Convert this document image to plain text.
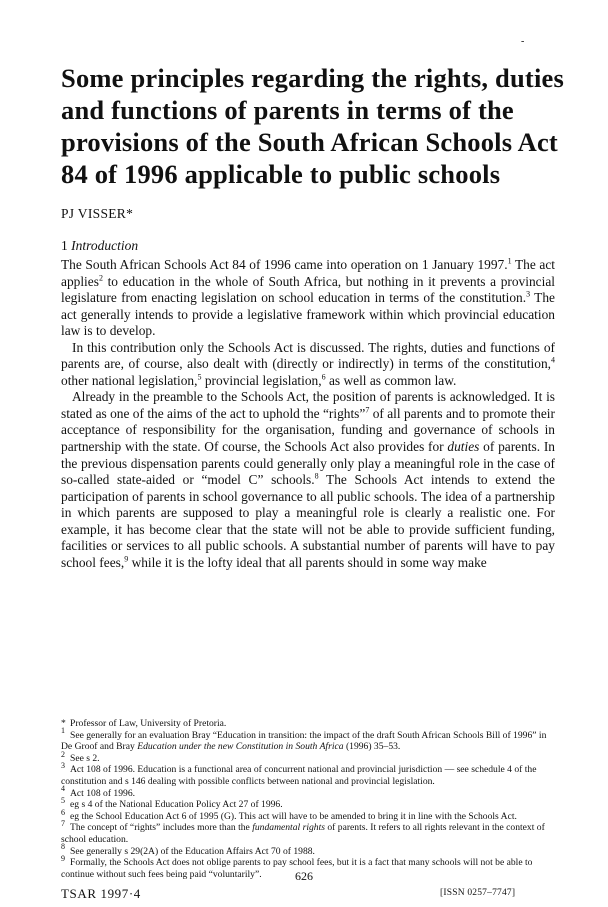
-
Some principles regarding the rights, duties and functions of parents in terms of the provisions of the South African Schools Act 84 of 1996 applicable to public schools

PJ VISSER*

1 Introduction

The South African Schools Act 84 of 1996 came into operation on 1 January 1997.$^1$ The act applies$^2$ to education in the whole of South Africa, but nothing in it prevents a provincial legislature from enacting legislation on school education in terms of the constitution.$^3$ The act generally intends to provide a legislative framework within which provincial education law is to develop.

In this contribution only the Schools Act is discussed. The rights, duties and functions of parents are, of course, also dealt with (directly or indirectly) in terms of the constitution,$^4$ other national legislation,$^5$ provincial legislation,$^6$ as well as common law.

Already in the preamble to the Schools Act, the position of parents is acknowledged. It is stated as one of the aims of the act to uphold the “rights”$^7$ of all parents and to promote their acceptance of responsibility for the organisation, funding and governance of schools in partnership with the state. Of course, the Schools Act also provides for duties of parents. In the previous dispensation parents could generally only play a meaningful role in the case of so-called state-aided or “model C” schools.$^8$ The Schools Act intends to extend the participation of parents in school governance to all public schools. The idea of a partnership in which parents are supposed to play a meaningful role is clearly a realistic one. For example, it has become clear that the state will not be able to provide sufficient funding, facilities or services to all public schools. A substantial number of parents will have to pay school fees,$^9$ while it is the lofty ideal that all parents should in some way make

* Professor of Law, University of Pretoria.
$^1$ See generally for an evaluation Bray “Education in transition: the impact of the draft South African Schools Bill of 1996” in De Groof and Bray Education under the new Constitution in South Africa (1996) 35–53.
$^2$ See s 2.
$^3$ Act 108 of 1996. Education is a functional area of concurrent national and provincial jurisdiction — see schedule 4 of the constitution and s 146 dealing with possible conflicts between national and provincial legislation.
$^4$ Act 108 of 1996.
$^5$ eg s 4 of the National Education Policy Act 27 of 1996.
$^6$ eg the School Education Act 6 of 1995 (G). This act will have to be amended to bring it in line with the Schools Act.
$^7$ The concept of “rights” includes more than the fundamental rights of parents. It refers to all rights relevant in the context of school education.
$^8$ See generally s 29(2A) of the Education Affairs Act 70 of 1988.
$^9$ Formally, the Schools Act does not oblige parents to pay school fees, but it is a fact that many schools will not be able to continue without such fees being paid “voluntarily”.	626
TSAR 1997·4	[ISSN 0257–7747]
